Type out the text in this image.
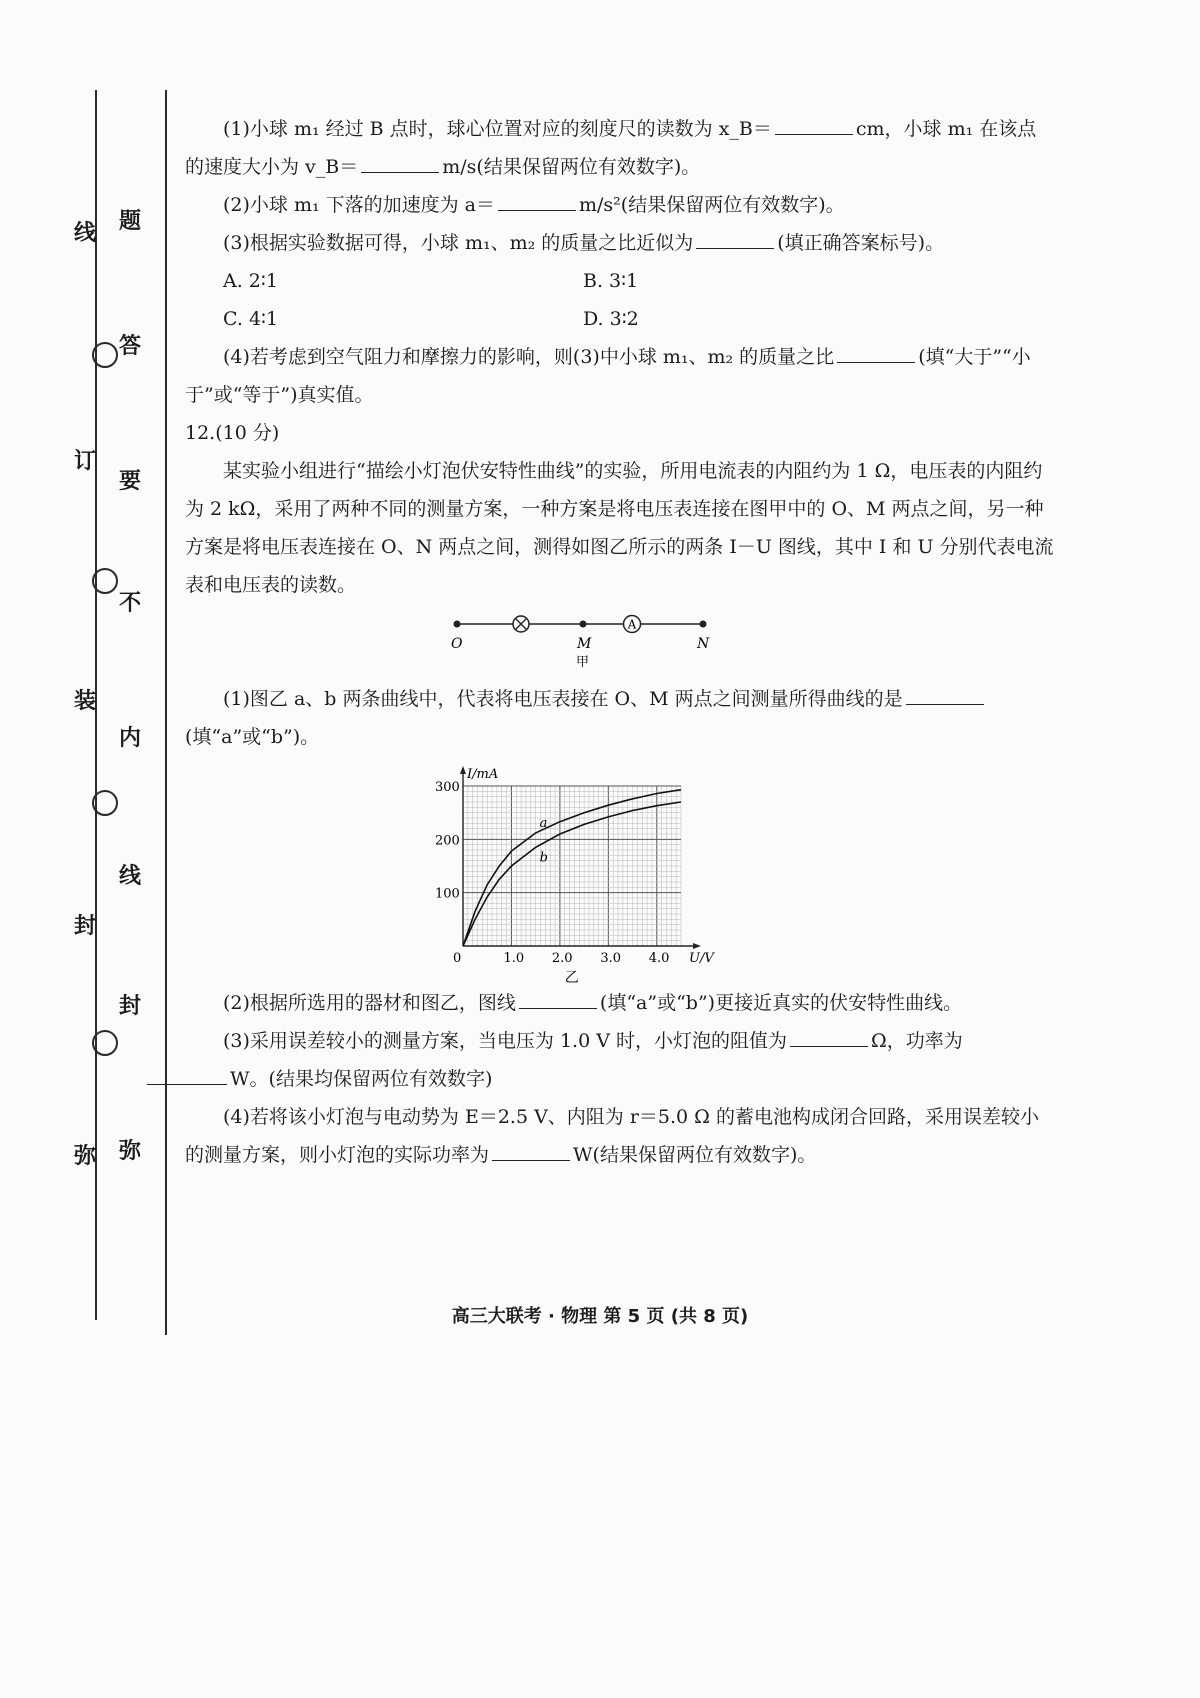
线
订
装
封
弥
题
答
要
不
内
线
封
弥

(1)小球 m₁ 经过 B 点时，球心位置对应的刻度尺的读数为 x_B＝	cm，小球 m₁ 在该点的速度大小为 v_B＝	m/s(结果保留两位有效数字)。

(2)小球 m₁ 下落的加速度为 a＝	m/s²(结果保留两位有效数字)。

(3)根据实验数据可得，小球 m₁、m₂ 的质量之比近似为	(填正确答案标号)。

A. 2∶1	B. 3∶1
C. 4∶1	D. 3∶2

(4)若考虑到空气阻力和摩擦力的影响，则(3)中小球 m₁、m₂ 的质量之比	(填“大于”“小于”或“等于”)真实值。

12.(10 分)

某实验小组进行“描绘小灯泡伏安特性曲线”的实验，所用电流表的内阻约为 1 Ω，电压表的内阻约为 2 kΩ，采用了两种不同的测量方案，一种方案是将电压表连接在图甲中的 O、M 两点之间，另一种方案是将电压表连接在 O、N 两点之间，测得如图乙所示的两条 I－U 图线，其中 I 和 U 分别代表电流表和电压表的读数。

A
O	M	N
甲

(1)图乙 a、b 两条曲线中，代表将电压表接在 O、M 两点之间测量所得曲线的是(填“a”或“b”)。

0	1.0 2.0 3.0 4.0
100
200
300
U/V
I/mA
乙
a
b

(2)根据所选用的器材和图乙，图线	(填“a”或“b”)更接近真实的伏安特性曲线。

(3)采用误差较小的测量方案，当电压为 1.0 V 时，小灯泡的阻值为	Ω，功率为
W。(结果均保留两位有效数字)

(4)若将该小灯泡与电动势为 E＝2.5 V、内阻为 r＝5.0 Ω 的蓄电池构成闭合回路，采用误差较小的测量方案，则小灯泡的实际功率为	W(结果保留两位有效数字)。

高三大联考 · 物理 第 5 页 (共 8 页)
